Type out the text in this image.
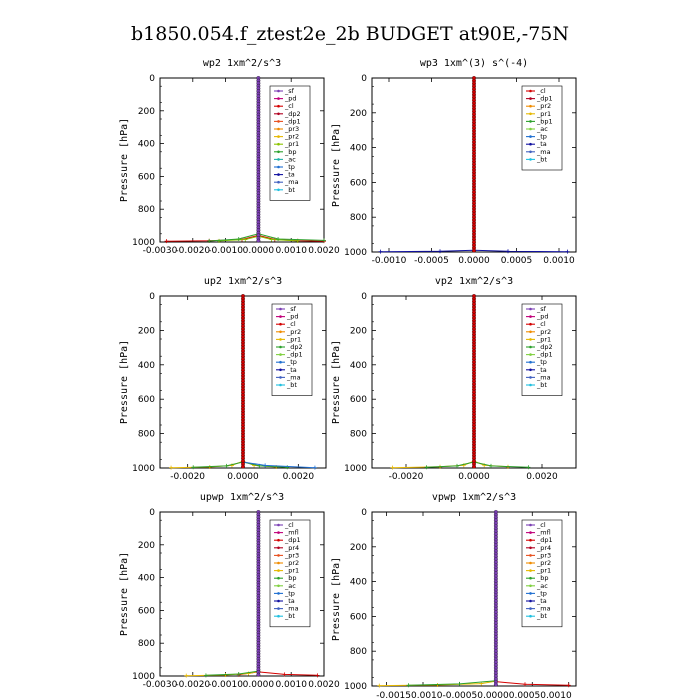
b1850.054.f_ztest2e_2b BUDGET at90E,-75N
wp2 1xm^2/s^3
Pressure [hPa]
0
200
400
600
800
1000
-0.0030
-0.0020
-0.0010 0.0000 0.0010 0.0020
_sf
_pd
_cl
_dp2
_dp1
_pr3
_pr2
_pr1
_bp
_ac
_tp
_ta
_ma
_bt
wp3 1xm^(3) s^(-4)
Pressure [hPa]
0
200
400
600
800
1000
-0.0010 -0.0005 0.0000 0.0005 0.0010
_cl
_dp1
_pr2
_pr1
_bp1
_ac
_tp
_ta
_ma
_bt
up2 1xm^2/s^3
Pressure [hPa]
0
200
400
600
800
1000
-0.0020 0.0000	0.0020
_sf
_pd
_cl
_pr2
_pr1
_dp2
_dp1
_tp
_ta
_ma
_bt
vp2 1xm^2/s^3
Pressure [hPa]
0
200
400
600
800
1000
-0.0020	0.0000	0.0020
_sf
_pd
_cl
_pr2
_pr1
_dp2
_dp1
_tp
_ta
_ma
_bt
upwp 1xm^2/s^3
Pressure [hPa]
0
200
400
600
800
1000
-0.0030
-0.0020
-0.0010 0.0000 0.0010 0.0020
_cl
_mfl
_dp1
_pr4
_pr3
_pr2
_pr1
_bp
_ac
_tp
_ta
_ma
_bt
vpwp 1xm^2/s^3
Pressure [hPa]
0
200
400
600
800
1000
-0.00150.0010-0.00050.00000.00050.0010
_cl
_mfl
_dp1
_pr4
_pr3
_pr2
_pr1
_bp
_ac
_tp
_ta
_ma
_bt
